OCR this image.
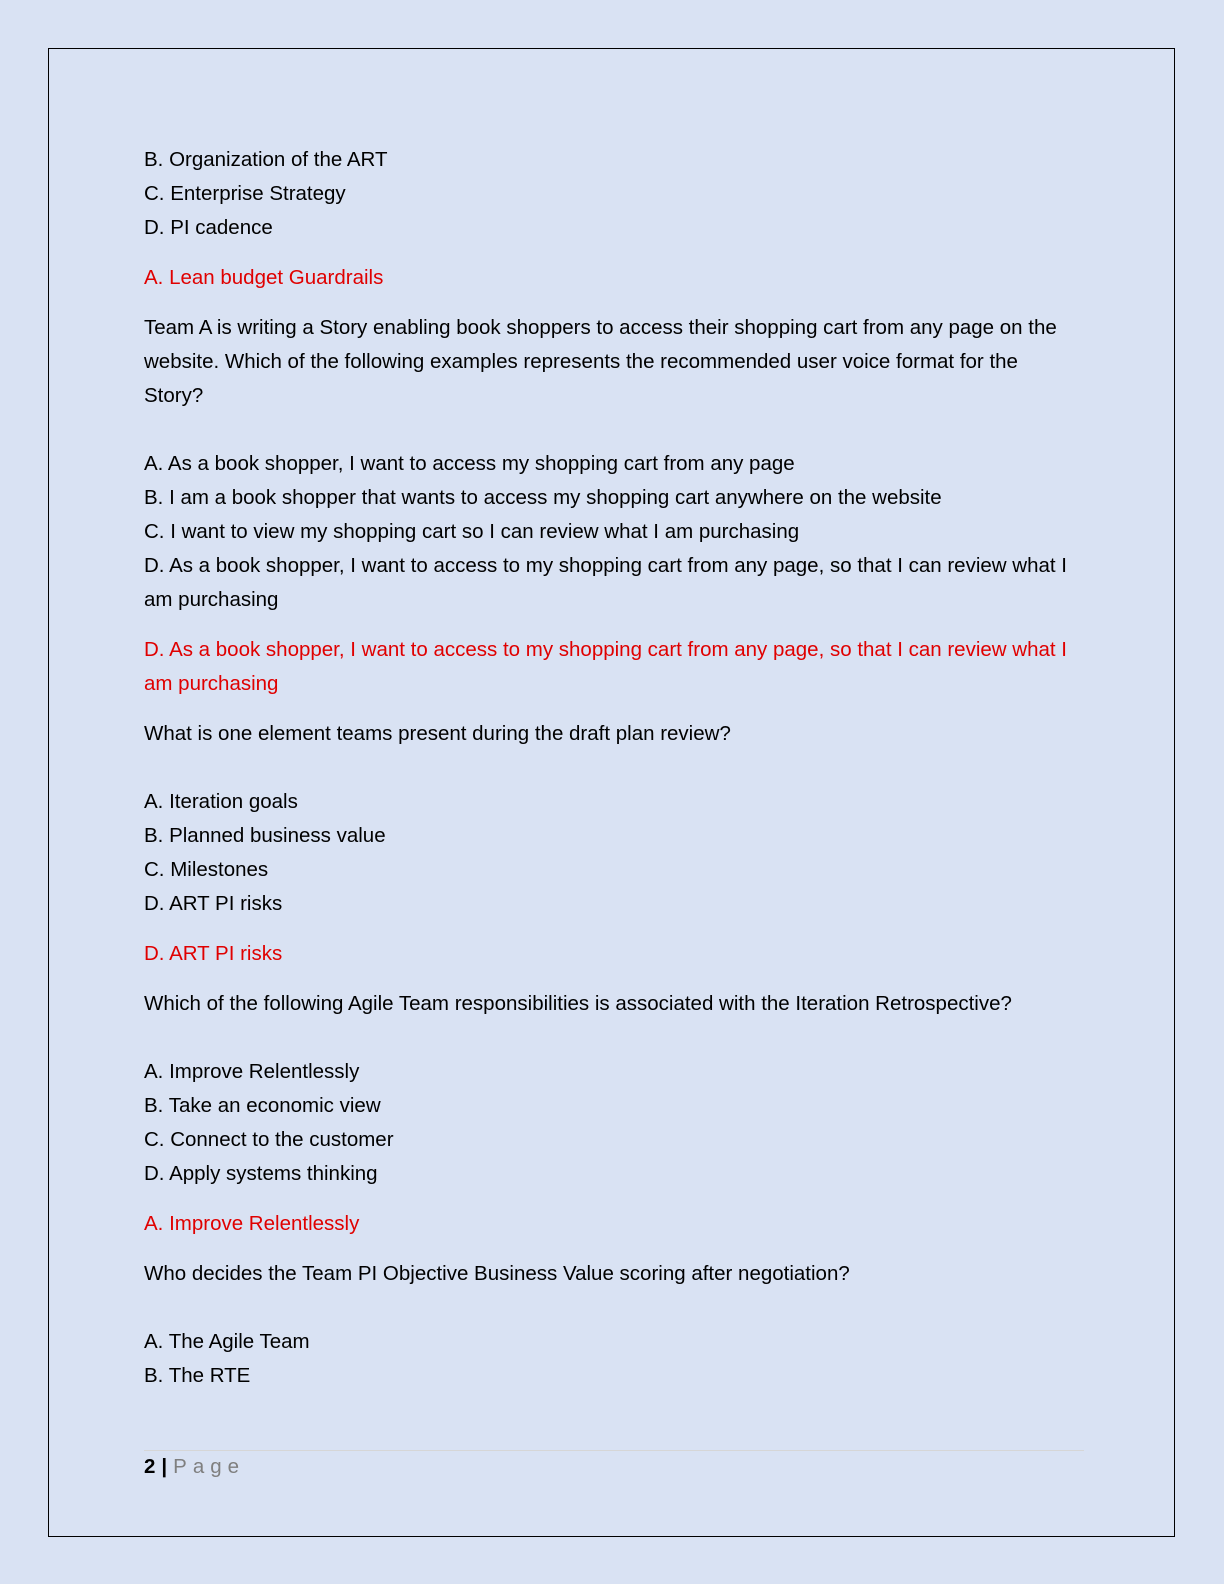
B. Organization of the ART
C. Enterprise Strategy
D. PI cadence
A. Lean budget Guardrails
Team A is writing a Story enabling book shoppers to access their shopping cart from any page on the website. Which of the following examples represents the recommended user voice format for the Story?
A. As a book shopper, I want to access my shopping cart from any page
B. I am a book shopper that wants to access my shopping cart anywhere on the website
C. I want to view my shopping cart so I can review what I am purchasing
D. As a book shopper, I want to access to my shopping cart from any page, so that I can review what I am purchasing
D. As a book shopper, I want to access to my shopping cart from any page, so that I can review what I am purchasing
What is one element teams present during the draft plan review?
A. Iteration goals
B. Planned business value
C. Milestones
D. ART PI risks
D. ART PI risks
Which of the following Agile Team responsibilities is associated with the Iteration Retrospective?
A. Improve Relentlessly
B. Take an economic view
C. Connect to the customer
D. Apply systems thinking
A. Improve Relentlessly
Who decides the Team PI Objective Business Value scoring after negotiation?
A. The Agile Team
B. The RTE
2 | Page
